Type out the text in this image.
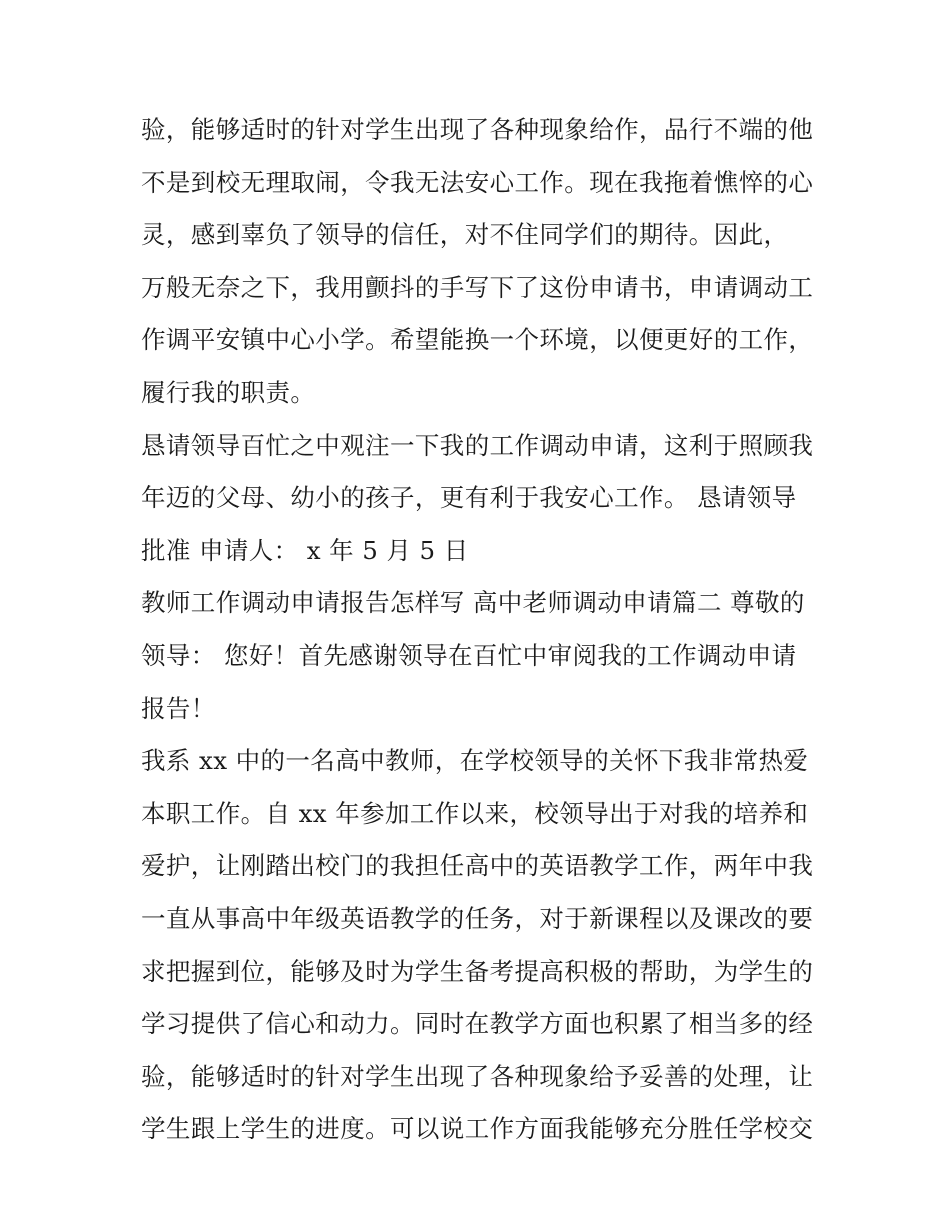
验，能够适时的针对学生出现了各种现象给作，品行不端的他
不是到校无理取闹，令我无法安心工作。现在我拖着憔悴的心
灵，感到辜负了领导的信任，对不住同学们的期待。因此，
万般无奈之下，我用颤抖的手写下了这份申请书，申请调动工
作调平安镇中心小学。希望能换一个环境，以便更好的工作，
履行我的职责。
恳请领导百忙之中观注一下我的工作调动申请，这利于照顾我
年迈的父母、幼小的孩子，更有利于我安心工作。 恳请领导
批准 申请人： x 年 5 月 5 日
教师工作调动申请报告怎样写 高中老师调动申请篇二 尊敬的
领导： 您好！首先感谢领导在百忙中审阅我的工作调动申请
报告！
我系 xx 中的一名高中教师，在学校领导的关怀下我非常热爱
本职工作。自 xx 年参加工作以来，校领导出于对我的培养和
爱护，让刚踏出校门的我担任高中的英语教学工作，两年中我
一直从事高中年级英语教学的任务，对于新课程以及课改的要
求把握到位，能够及时为学生备考提高积极的帮助，为学生的
学习提供了信心和动力。同时在教学方面也积累了相当多的经
验，能够适时的针对学生出现了各种现象给予妥善的处理，让
学生跟上学生的进度。可以说工作方面我能够充分胜任学校交
